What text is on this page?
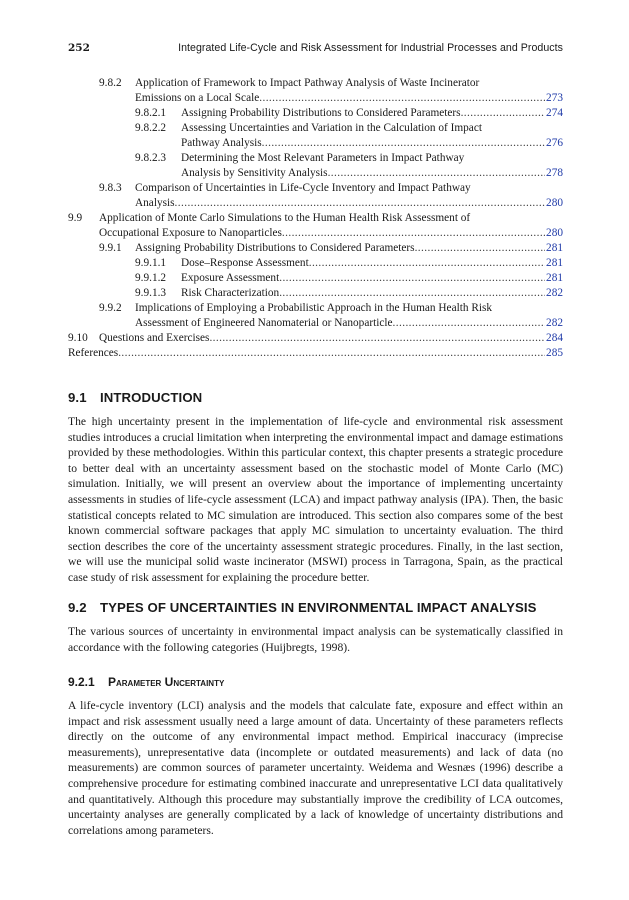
252	Integrated Life-Cycle and Risk Assessment for Industrial Processes and Products
9.8.2 Application of Framework to Impact Pathway Analysis of Waste Incinerator
Emissions on a Local Scale .....	273
9.8.2.1 Assigning Probability Distributions to Considered Parameters .....	274
9.8.2.2 Assessing Uncertainties and Variation in the Calculation of Impact
Pathway Analysis .....	276
9.8.2.3 Determining the Most Relevant Parameters in Impact Pathway
Analysis by Sensitivity Analysis .....	278
9.8.3 Comparison of Uncertainties in Life-Cycle Inventory and Impact Pathway
Analysis .....	280
9.9 Application of Monte Carlo Simulations to the Human Health Risk Assessment of
Occupational Exposure to Nanoparticles .....	280
9.9.1 Assigning Probability Distributions to Considered Parameters .....	281
9.9.1.1 Dose–Response Assessment .....	281
9.9.1.2 Exposure Assessment .....	281
9.9.1.3 Risk Characterization .....	282
9.9.2 Implications of Employing a Probabilistic Approach in the Human Health Risk
Assessment of Engineered Nanomaterial or Nanoparticle .....	282
9.10 Questions and Exercises .....	284
References .....	285
9.1 INTRODUCTION

The high uncertainty present in the implementation of life-cycle and environmental risk assessment studies introduces a crucial limitation when interpreting the environmental impact and damage estimations provided by these methodologies. Within this particular context, this chapter presents a strategic procedure to better deal with an uncertainty assessment based on the stochastic model of Monte Carlo (MC) simulation. Initially, we will present an overview about the importance of implementing uncertainty assessments in studies of life-cycle assessment (LCA) and impact pathway analysis (IPA). Then, the basic statistical concepts related to MC simulation are introduced. This section also compares some of the best known commercial software packages that apply MC simulation to uncertainty evaluation. The third section describes the core of the uncertainty assessment strategic procedures. Finally, in the last section, we will use the municipal solid waste incinerator (MSWI) process in Tarragona, Spain, as the practical case study of risk assessment for explaining the procedure better.

9.2 TYPES OF UNCERTAINTIES IN ENVIRONMENTAL IMPACT ANALYSIS

The various sources of uncertainty in environmental impact analysis can be systematically classified in accordance with the following categories (Huijbregts, 1998).

9.2.1 Parameter Uncertainty

A life-cycle inventory (LCI) analysis and the models that calculate fate, exposure and effect within an impact and risk assessment usually need a large amount of data. Uncertainty of these parameters reflects directly on the outcome of any environmental impact method. Empirical inaccuracy (imprecise measurements), unrepresentative data (incomplete or outdated measurements) and lack of data (no measurements) are common sources of parameter uncertainty. Weidema and Wesnæs (1996) describe a comprehensive procedure for estimating combined inaccurate and unrepresentative LCI data qualitatively and quantitatively. Although this procedure may substantially improve the credibility of LCA outcomes, uncertainty analyses are generally complicated by a lack of knowledge of uncertainty distributions and correlations among parameters.
